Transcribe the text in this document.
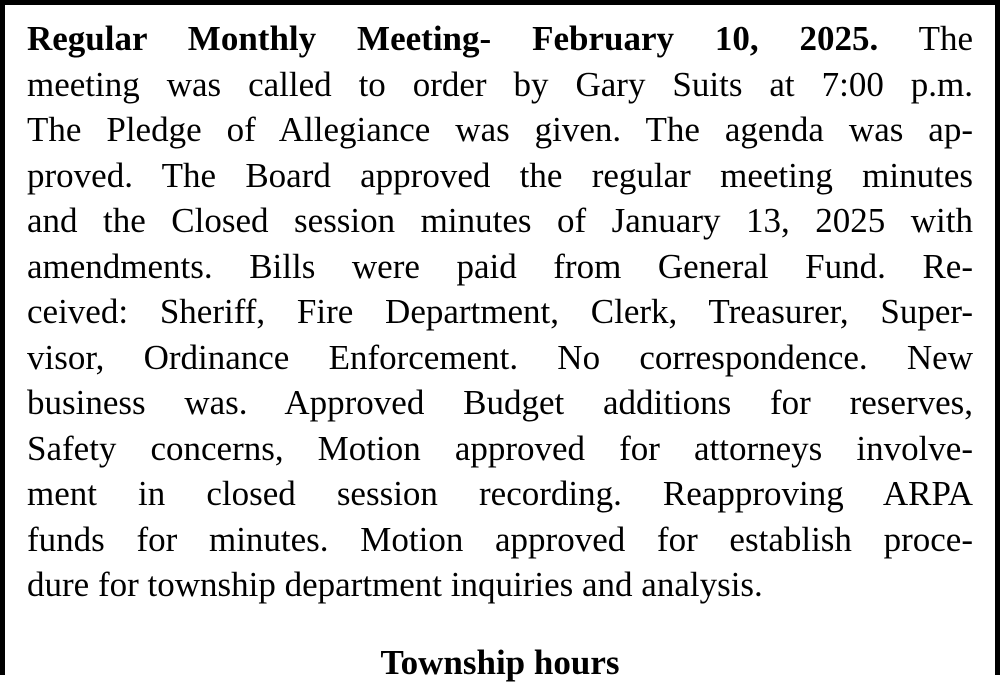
Regular Monthly Meeting- February 10, 2025. The
meeting was called to order by Gary Suits at 7:00 p.m.
The Pledge of Allegiance was given. The agenda was ap-
proved. The Board approved the regular meeting minutes
and the Closed session minutes of January 13, 2025 with
amendments. Bills were paid from General Fund. Re-
ceived: Sheriff, Fire Department, Clerk, Treasurer, Super-
visor, Ordinance Enforcement. No correspondence. New
business was. Approved Budget additions for reserves,
Safety concerns, Motion approved for attorneys involve-
ment in closed session recording. Reapproving ARPA
funds for minutes. Motion approved for establish proce-
dure for township department inquiries and analysis.
Township hours
